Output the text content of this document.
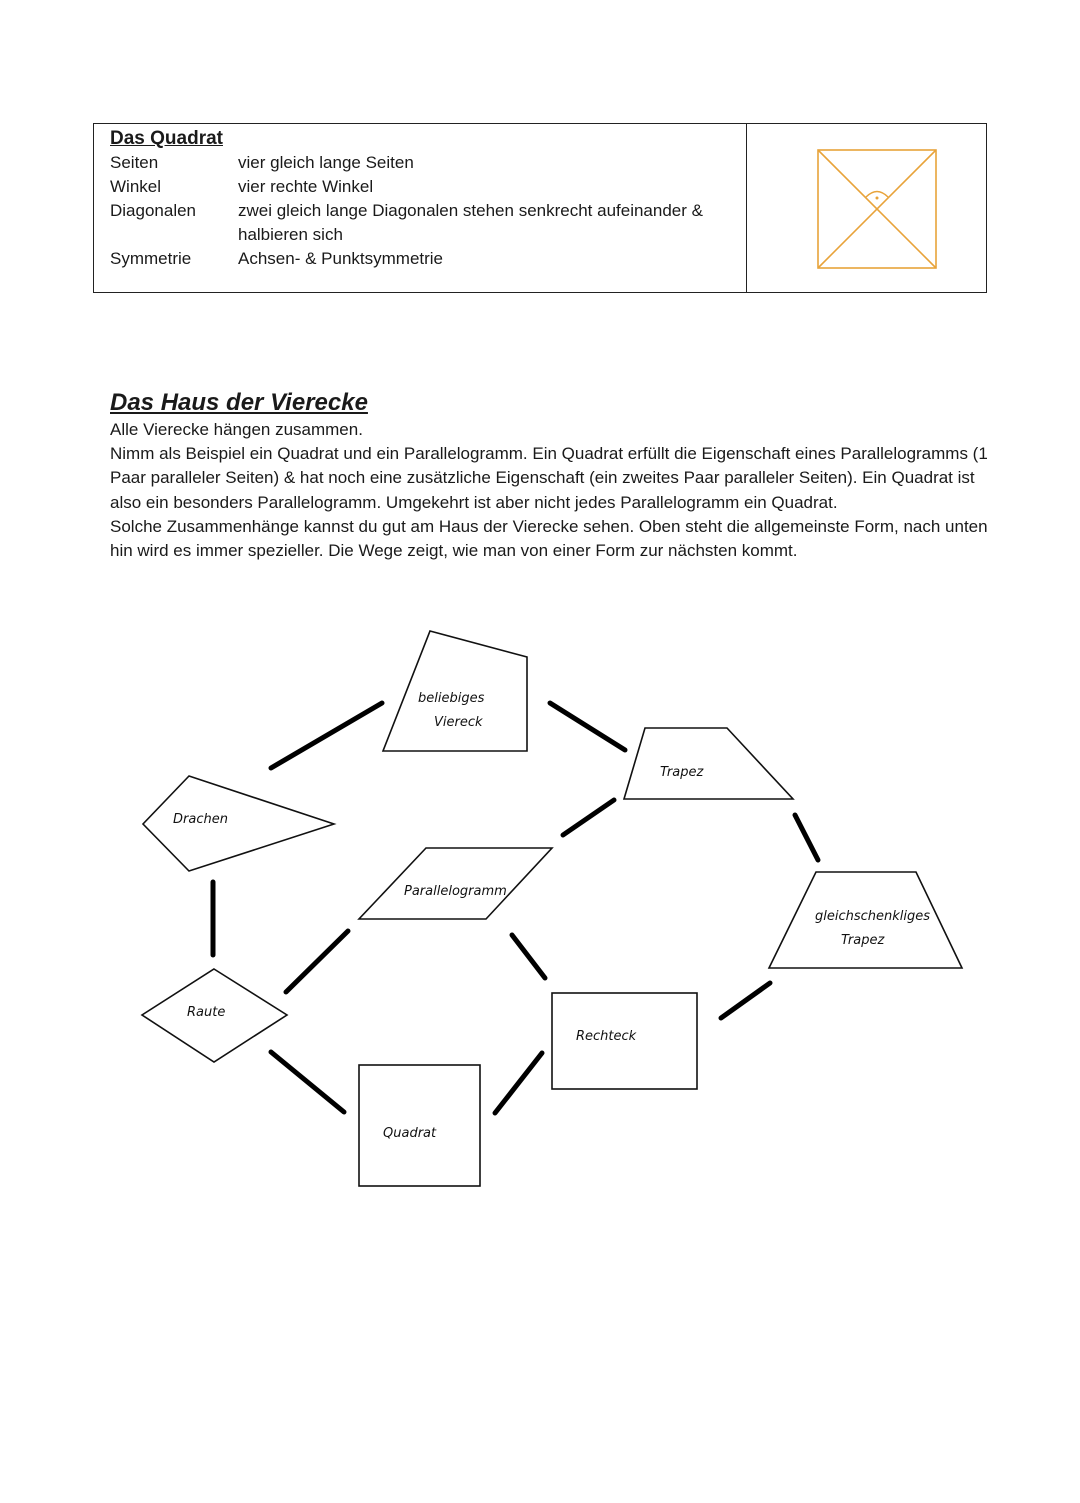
Das Quadrat
Seiten	vier gleich lange Seiten
Winkel	vier rechte Winkel
Diagonalen	zwei gleich lange Diagonalen stehen senkrecht aufeinander &
halbieren sich
Symmetrie	Achsen- & Punktsymmetrie
Das Haus der Vierecke

Alle Vierecke hängen zusammen.

Nimm als Beispiel ein Quadrat und ein Parallelogramm. Ein Quadrat erfüllt die Eigenschaft eines Parallelogramms (1 Paar paralleler Seiten) & hat noch eine zusätzliche Eigenschaft (ein zweites Paar paralleler Seiten). Ein Quadrat ist also ein besonders Parallelogramm. Umgekehrt ist aber nicht jedes Parallelogramm ein Quadrat.

Solche Zusammenhänge kannst du gut am Haus der Vierecke sehen. Oben steht die allgemeinste Form, nach unten hin wird es immer spezieller. Die Wege zeigt, wie man von einer Form zur nächsten kommt.

beliebiges
Viereck
Trapez
Drachen
Parallelogramm
gleichschenkliges
Trapez
Raute
Rechteck
Quadrat
